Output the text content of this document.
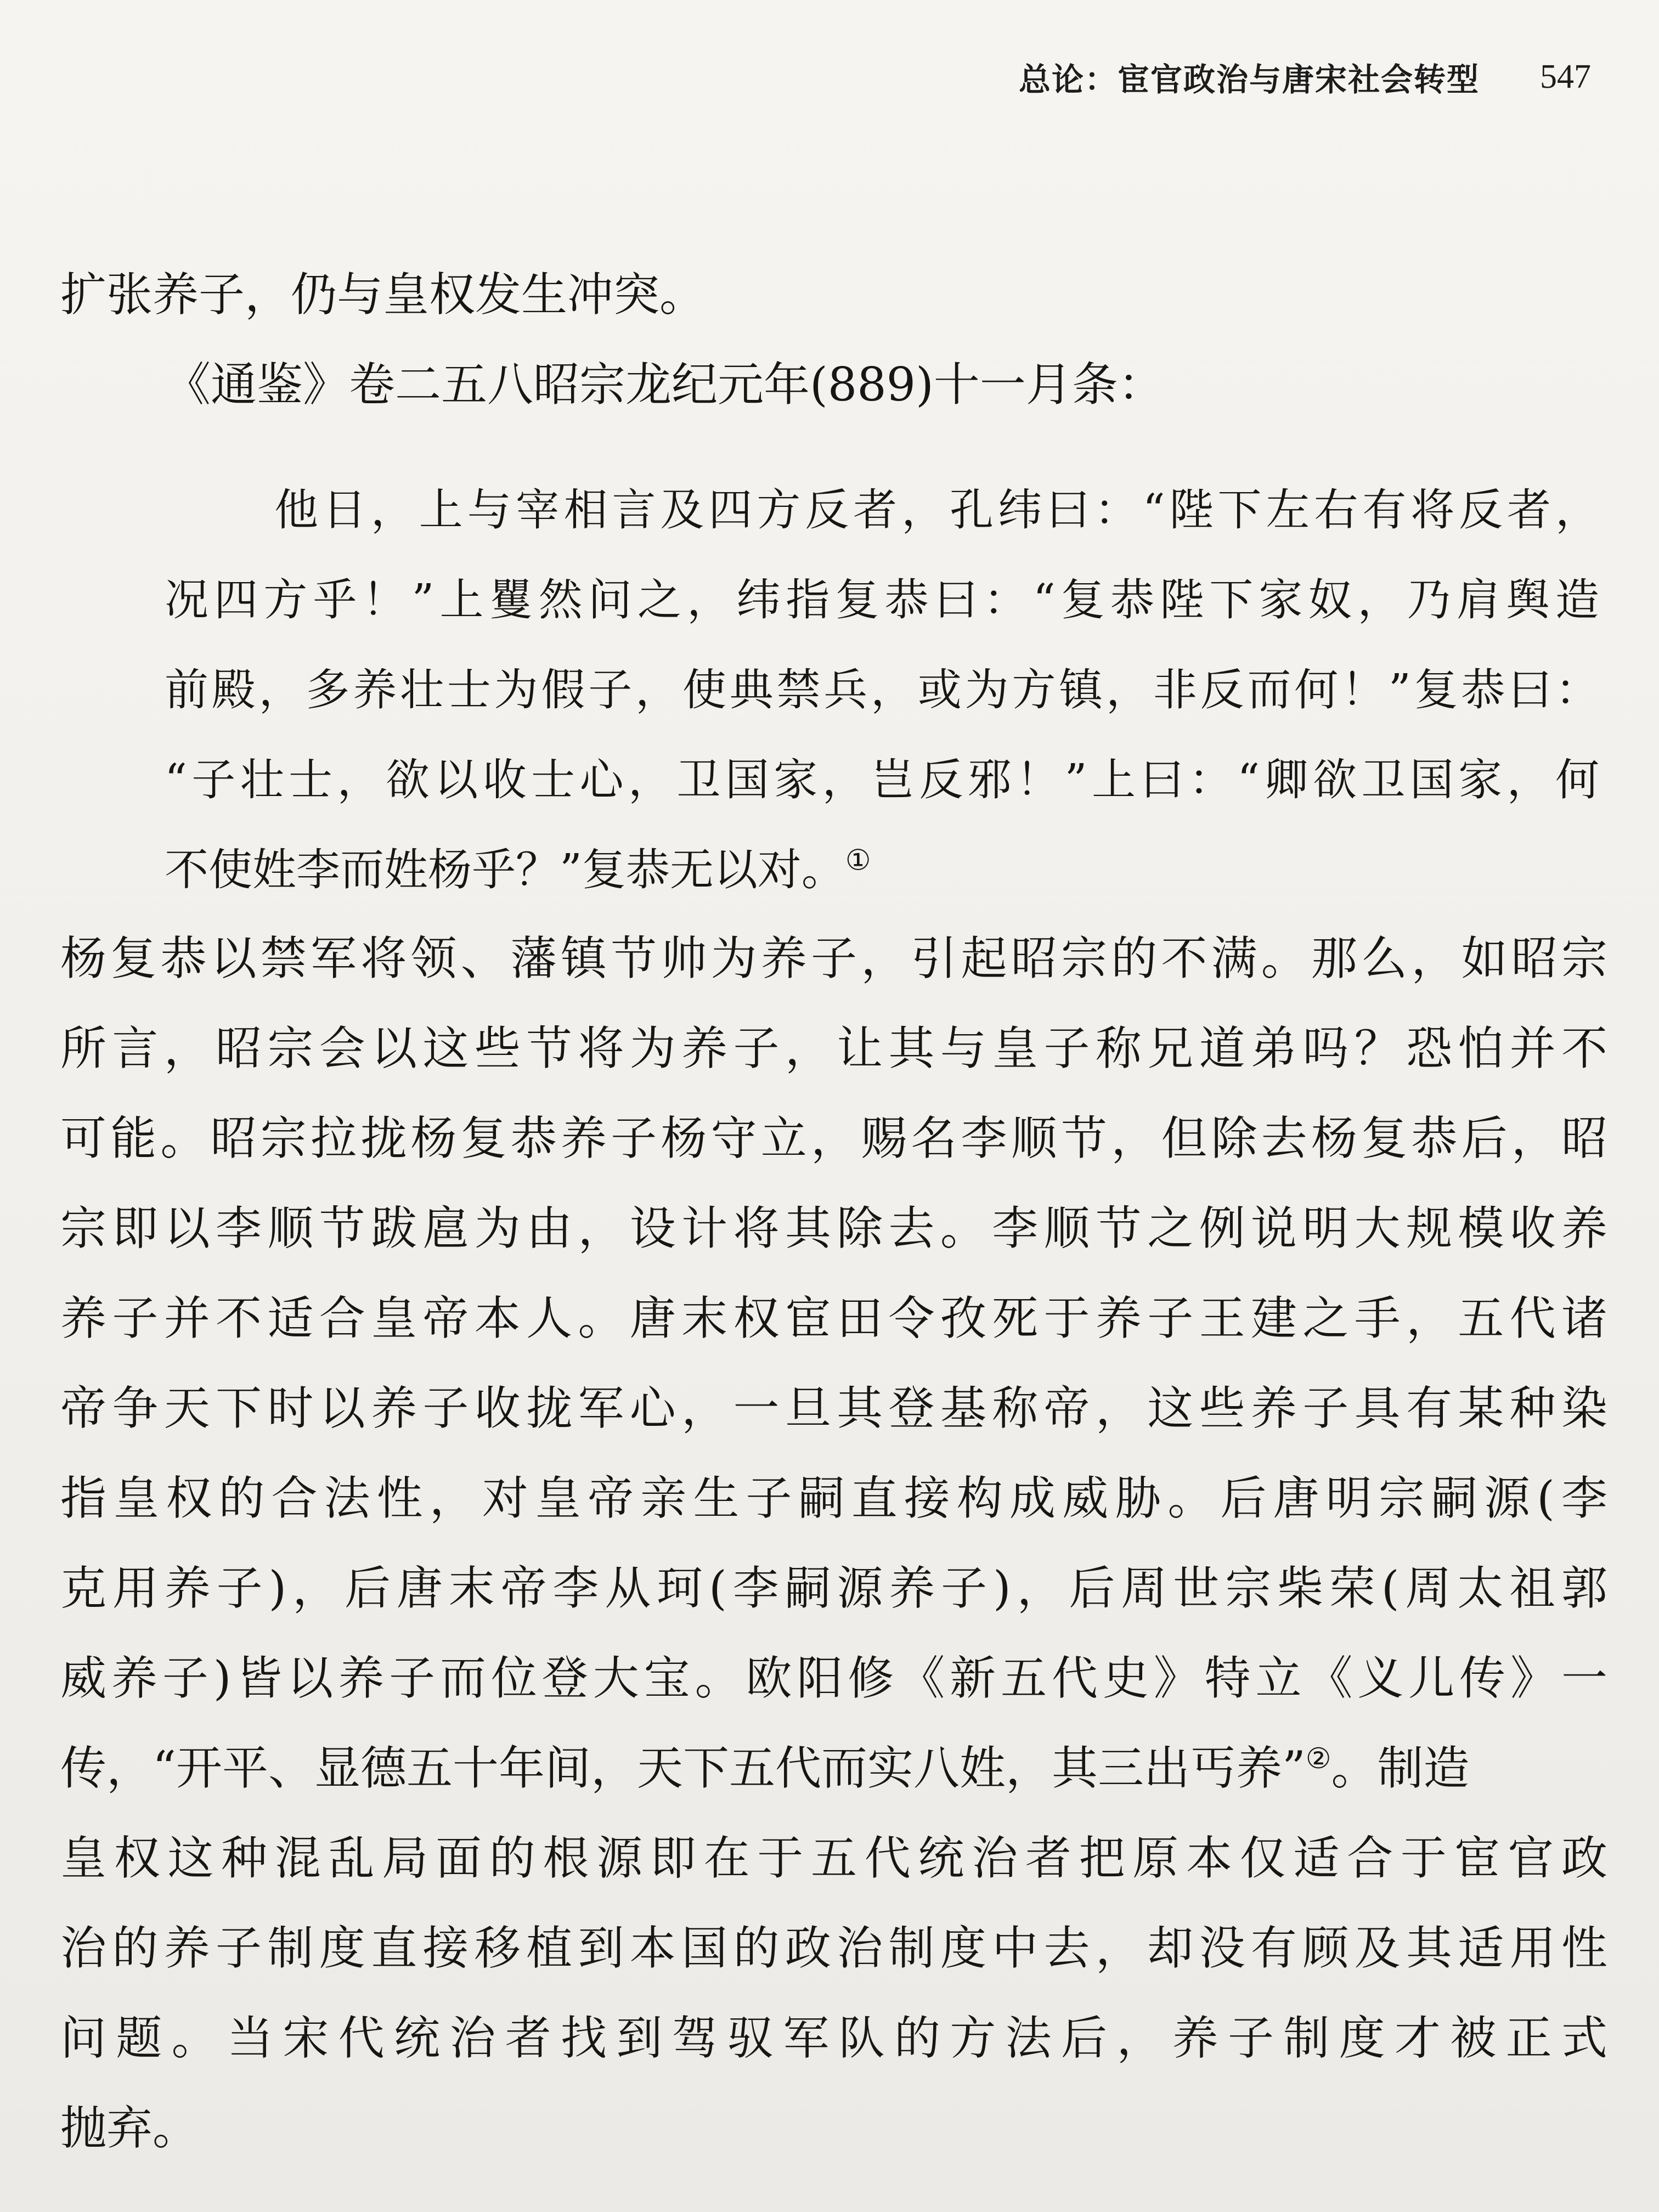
总论：宦官政治与唐宋社会转型 547
扩张养子，仍与皇权发生冲突。
《通鉴》卷二五八昭宗龙纪元年(889)十一月条：
他日，上与宰相言及四方反者，孔纬曰：“陛下左右有将反者，
况四方乎！”上矍然问之，纬指复恭曰：“复恭陛下家奴，乃肩舆造
前殿，多养壮士为假子，使典禁兵，或为方镇，非反而何！”复恭曰：
“子壮士，欲以收士心，卫国家，岂反邪！”上曰：“卿欲卫国家，何
不使姓李而姓杨乎？”复恭无以对。①
杨复恭以禁军将领、藩镇节帅为养子，引起昭宗的不满。那么，如昭宗
所言，昭宗会以这些节将为养子，让其与皇子称兄道弟吗？恐怕并不
可能。昭宗拉拢杨复恭养子杨守立，赐名李顺节，但除去杨复恭后，昭
宗即以李顺节跋扈为由，设计将其除去。李顺节之例说明大规模收养
养子并不适合皇帝本人。唐末权宦田令孜死于养子王建之手，五代诸
帝争天下时以养子收拢军心，一旦其登基称帝，这些养子具有某种染
指皇权的合法性，对皇帝亲生子嗣直接构成威胁。后唐明宗嗣源(李
克用养子)，后唐末帝李从珂(李嗣源养子)，后周世宗柴荣(周太祖郭
威养子)皆以养子而位登大宝。欧阳修《新五代史》特立《义儿传》一
传，“开平、显德五十年间，天下五代而实八姓，其三出丐养”②。制造
皇权这种混乱局面的根源即在于五代统治者把原本仅适合于宦官政
治的养子制度直接移植到本国的政治制度中去，却没有顾及其适用性
问题。当宋代统治者找到驾驭军队的方法后，养子制度才被正式
抛弃。
